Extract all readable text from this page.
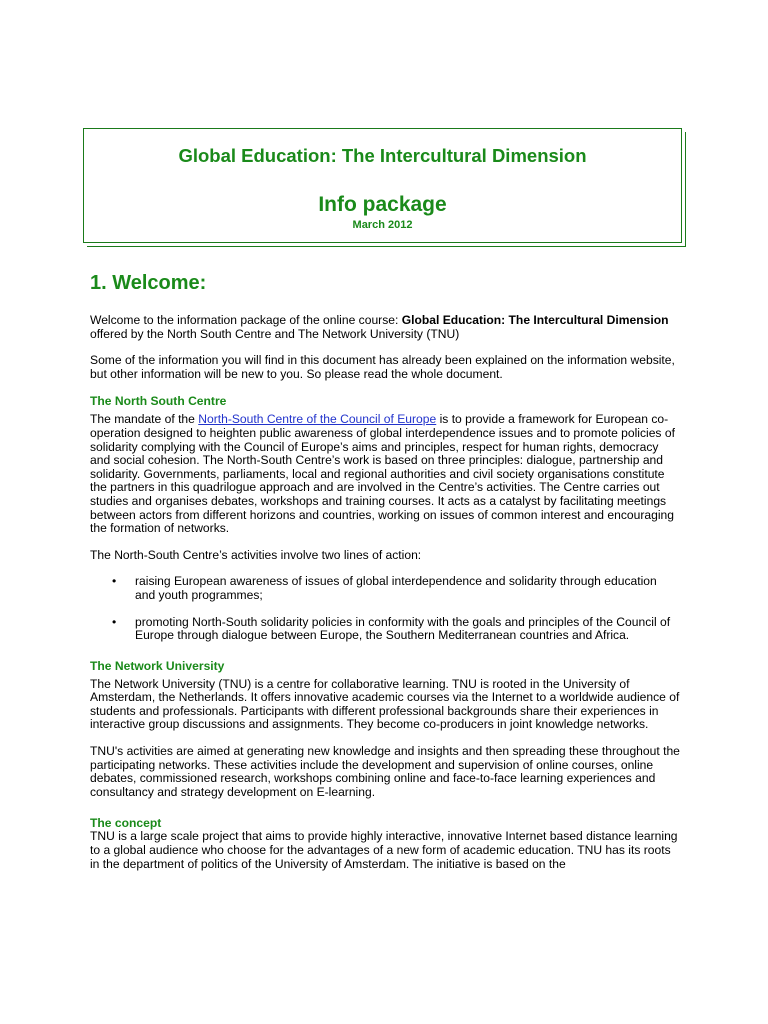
Global Education: The Intercultural Dimension
Info package
March 2012
1. Welcome:

Welcome to the information package of the online course: Global Education: The Intercultural Dimension offered by the North South Centre and The Network University (TNU)

Some of the information you will find in this document has already been explained on the information website, but other information will be new to you. So please read the whole document.

The North South Centre

The mandate of the North-South Centre of the Council of Europe is to provide a framework for European co-operation designed to heighten public awareness of global interdependence issues and to promote policies of solidarity complying with the Council of Europe’s aims and principles, respect for human rights, democracy and social cohesion. The North-South Centre’s work is based on three principles: dialogue, partnership and solidarity. Governments, parliaments, local and regional authorities and civil society organisations constitute the partners in this quadrilogue approach and are involved in the Centre’s activities. The Centre carries out studies and organises debates, workshops and training courses. It acts as a catalyst by facilitating meetings between actors from different horizons and countries, working on issues of common interest and encouraging the formation of networks.

The North-South Centre’s activities involve two lines of action:

• raising European awareness of issues of global interdependence and solidarity through education and youth programmes;
• promoting North-South solidarity policies in conformity with the goals and principles of the Council of Europe through dialogue between Europe, the Southern Mediterranean countries and Africa.
The Network University

The Network University (TNU) is a centre for collaborative learning. TNU is rooted in the University of Amsterdam, the Netherlands. It offers innovative academic courses via the Internet to a worldwide audience of students and professionals. Participants with different professional backgrounds share their experiences in interactive group discussions and assignments. They become co-producers in joint knowledge networks.

TNU's activities are aimed at generating new knowledge and insights and then spreading these throughout the participating networks. These activities include the development and supervision of online courses, online debates, commissioned research, workshops combining online and face-to-face learning experiences and consultancy and strategy development on E-learning.

The concept

TNU is a large scale project that aims to provide highly interactive, innovative Internet based distance learning to a global audience who choose for the advantages of a new form of academic education. TNU has its roots in the department of politics of the University of Amsterdam. The initiative is based on the
